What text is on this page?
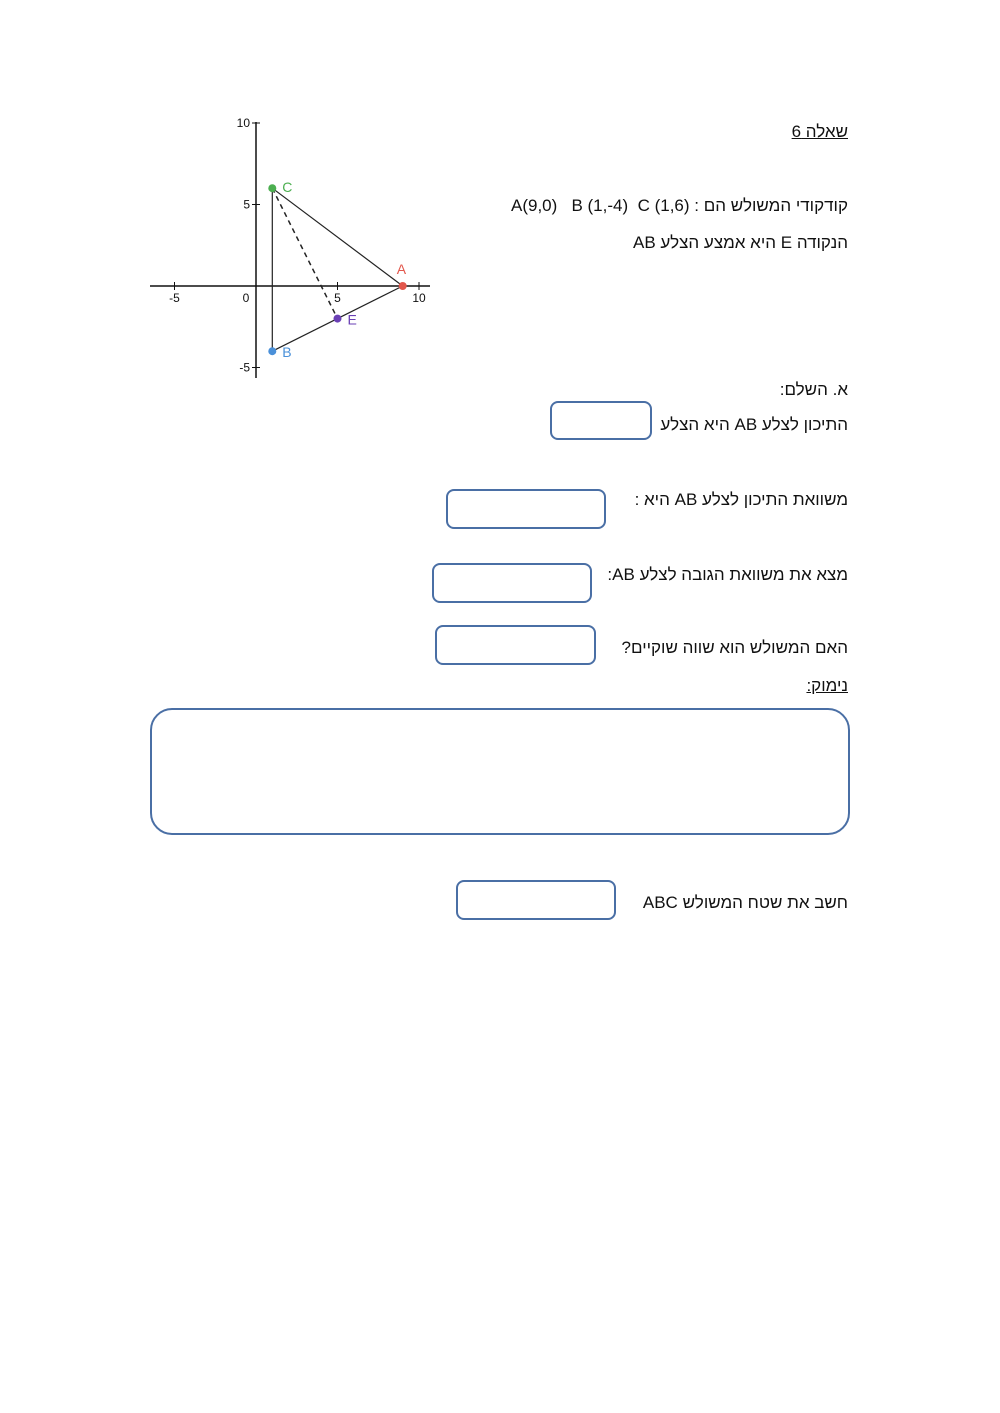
-5	0	5	10
10
5
-5
A
B
C
E
שאלה 6
קודקודי המשולש הם : A(9,0)   B (1,-4)  C (1,6)
הנקודה E היא אמצע הצלע AB
א. השלם:
התיכון לצלע AB היא הצלע
משוואת התיכון לצלע AB היא :
מצא את משוואת הגובה לצלע AB:
האם המשולש הוא שווה שוקיים?
נימוק:
חשב את שטח המשולש ABC
